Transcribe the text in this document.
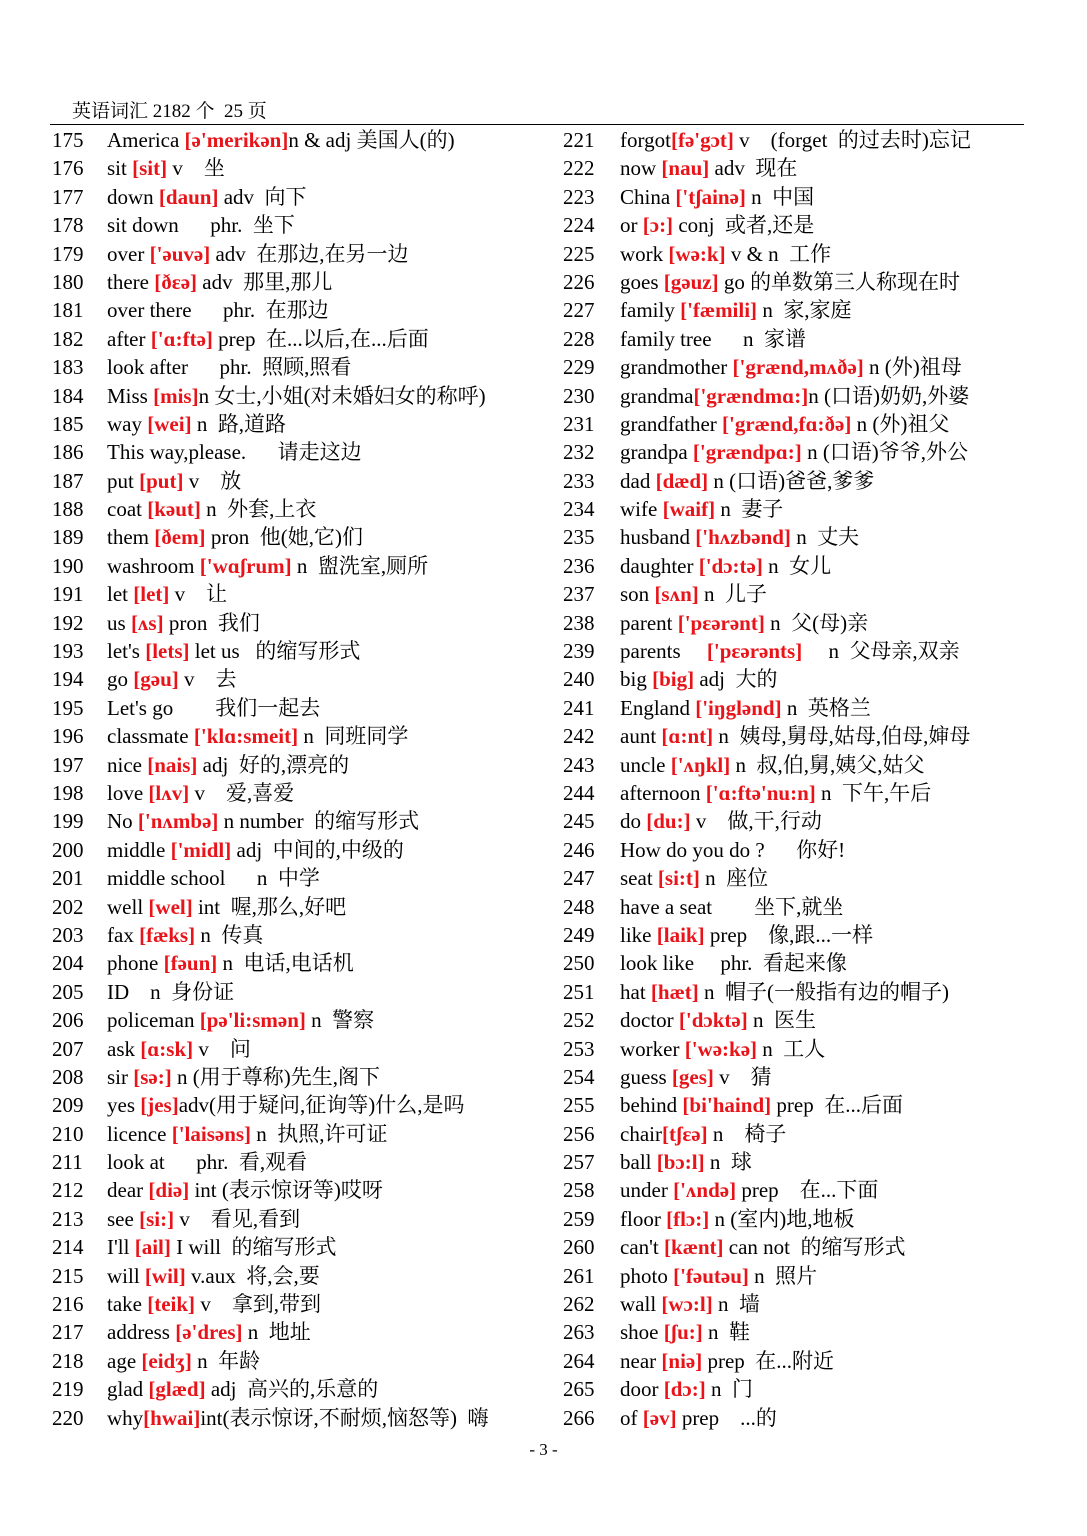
英语词汇 2182 个  25 页
175 America [ə'merikən]n & adj 美国人(的)
176 sit [sit] v    坐
177 down [daun] adv  向下
178 sit down      phr.  坐下
179 over ['əuvə] adv  在那边,在另一边
180 there [ðɛə] adv  那里,那儿
181 over there      phr.  在那边
182 after ['ɑ:ftə] prep  在...以后,在...后面
183 look after      phr.  照顾,照看
184 Miss [mis]n 女士,小姐(对未婚妇女的称呼)
185 way [wei] n  路,道路
186 This way,please.      请走这边
187 put [put] v    放
188 coat [kəut] n  外套,上衣
189 them [ðem] pron  他(她,它)们
190 washroom ['wɑʃrum] n  盥洗室,厕所
191 let [let] v    让
192 us [ʌs] pron  我们
193 let's [lets] let us   的缩写形式
194 go [gəu] v    去
195 Let's go        我们一起去
196 classmate ['klɑ:smeit] n  同班同学
197 nice [nais] adj  好的,漂亮的
198 love [lʌv] v    爱,喜爱
199 No ['nʌmbə] n number  的缩写形式
200 middle ['midl] adj  中间的,中级的
201 middle school      n  中学
202 well [wel] int  喔,那么,好吧
203 fax [fæks] n  传真
204 phone [fəun] n  电话,电话机
205 ID    n  身份证
206 policeman [pə'li:smən] n  警察
207 ask [ɑ:sk] v    问
208 sir [sə:] n (用于尊称)先生,阁下
209 yes [jes]adv(用于疑问,征询等)什么,是吗
210 licence ['laisəns] n  执照,许可证
211 look at      phr.  看,观看
212 dear [diə] int (表示惊讶等)哎呀
213 see [si:] v    看见,看到
214 I'll [ail] I will  的缩写形式
215 will [wil] v.aux  将,会,要
216 take [teik] v    拿到,带到
217 address [ə'dres] n  地址
218 age [eidʒ] n  年龄
219 glad [glæd] adj  高兴的,乐意的
220 why[hwai]int(表示惊讶,不耐烦,恼怒等)  嗨
221 forgot[fə'gɔt] v    (forget  的过去时)忘记
222 now [nau] adv  现在
223 China ['tʃainə] n  中国
224 or [ɔ:] conj  或者,还是
225 work [wə:k] v & n  工作
226 goes [gəuz] go 的单数第三人称现在时
227 family ['fæmili] n  家,家庭
228 family tree      n  家谱
229 grandmother ['grænd,mʌðə] n (外)祖母
230 grandma['grændmɑ:]n (口语)奶奶,外婆
231 grandfather ['grænd,fɑ:ðə] n (外)祖父
232 grandpa ['grændpɑ:] n (口语)爷爷,外公
233 dad [dæd] n (口语)爸爸,爹爹
234 wife [waif] n  妻子
235 husband ['hʌzbənd] n  丈夫
236 daughter ['dɔ:tə] n  女儿
237 son [sʌn] n  儿子
238 parent ['pɛərənt] n  父(母)亲
239 parents     ['pɛərənts]     n  父母亲,双亲
240 big [big] adj  大的
241 England ['iŋglənd] n  英格兰
242 aunt [ɑ:nt] n  姨母,舅母,姑母,伯母,婶母
243 uncle ['ʌŋkl] n  叔,伯,舅,姨父,姑父
244 afternoon ['ɑ:ftə'nu:n] n  下午,午后
245 do [du:] v    做,干,行动
246 How do you do ?      你好!
247 seat [si:t] n  座位
248 have a seat        坐下,就坐
249 like [laik] prep    像,跟...一样
250 look like     phr.  看起来像
251 hat [hæt] n  帽子(一般指有边的帽子)
252 doctor ['dɔktə] n  医生
253 worker ['wə:kə] n  工人
254 guess [ges] v    猜
255 behind [bi'haind] prep  在...后面
256 chair[tʃɛə] n    椅子
257 ball [bɔ:l] n  球
258 under ['ʌndə] prep    在...下面
259 floor [flɔ:] n (室内)地,地板
260 can't [kænt] can not  的缩写形式
261 photo ['fəutəu] n  照片
262 wall [wɔ:l] n  墙
263 shoe [ʃu:] n  鞋
264 near [niə] prep  在...附近
265 door [dɔ:] n  门
266 of [əv] prep    ...的
- 3 -
